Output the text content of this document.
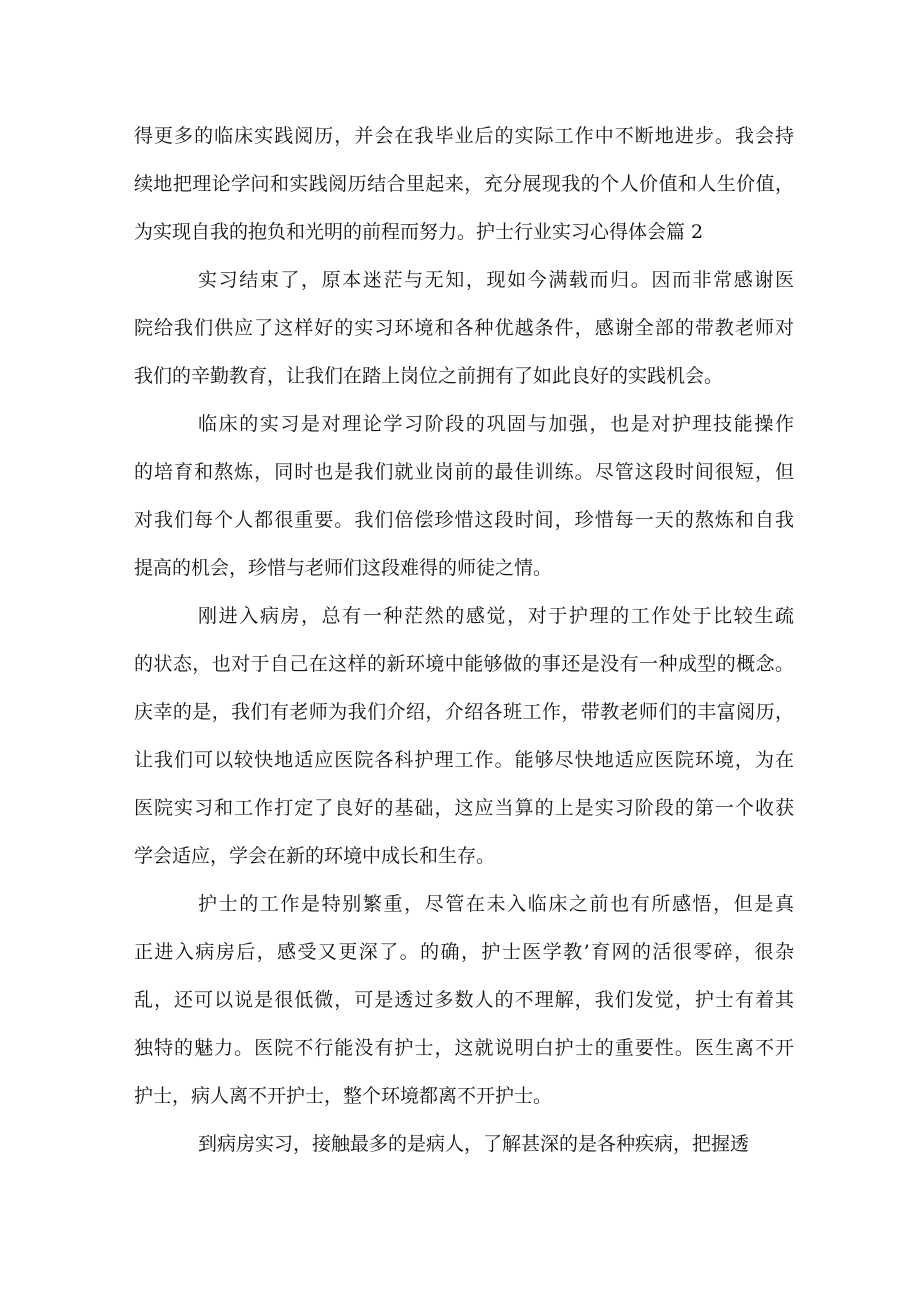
得更多的临床实践阅历，并会在我毕业后的实际工作中不断地进步。我会持
续地把理论学问和实践阅历结合里起来，充分展现我的个人价值和人生价值，
为实现自我的抱负和光明的前程而努力。护士行业实习心得体会篇 2
实习结束了，原本迷茫与无知，现如今满载而归。因而非常感谢医
院给我们供应了这样好的实习环境和各种优越条件，感谢全部的带教老师对
我们的辛勤教育，让我们在踏上岗位之前拥有了如此良好的实践机会。
临床的实习是对理论学习阶段的巩固与加强，也是对护理技能操作
的培育和熬炼，同时也是我们就业岗前的最佳训练。尽管这段时间很短，但
对我们每个人都很重要。我们倍偿珍惜这段时间，珍惜每一天的熬炼和自我
提高的机会，珍惜与老师们这段难得的师徒之情。
刚进入病房，总有一种茫然的感觉，对于护理的工作处于比较生疏
的状态，也对于自己在这样的新环境中能够做的事还是没有一种成型的概念。
庆幸的是，我们有老师为我们介绍，介绍各班工作，带教老师们的丰富阅历，
让我们可以较快地适应医院各科护理工作。能够尽快地适应医院环境，为在
医院实习和工作打定了良好的基础，这应当算的上是实习阶段的第一个收获
学会适应，学会在新的环境中成长和生存。
护士的工作是特别繁重，尽管在未入临床之前也有所感悟，但是真
正进入病房后，感受又更深了。的确，护士医学教’育网的活很零碎，很杂
乱，还可以说是很低微，可是透过多数人的不理解，我们发觉，护士有着其
独特的魅力。医院不行能没有护士，这就说明白护士的重要性。医生离不开
护士，病人离不开护士，整个环境都离不开护士。
到病房实习，接触最多的是病人，了解甚深的是各种疾病，把握透
